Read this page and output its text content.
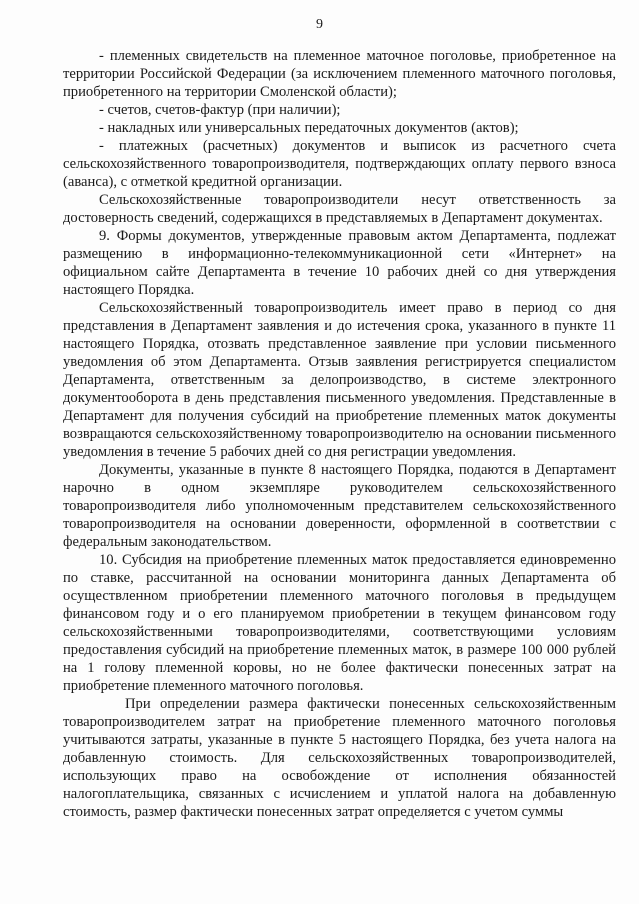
9

- племенных свидетельств на племенное маточное поголовье, приобретенное на территории Российской Федерации (за исключением племенного маточного поголовья, приобретенного на территории Смоленской области);

- счетов, счетов-фактур (при наличии);

- накладных или универсальных передаточных документов (актов);

- платежных (расчетных) документов и выписок из расчетного счета сельскохозяйственного товаропроизводителя, подтверждающих оплату первого взноса (аванса), с отметкой кредитной организации.

Сельскохозяйственные товаропроизводители несут ответственность за достоверность сведений, содержащихся в представляемых в Департамент документах.

9. Формы документов, утвержденные правовым актом Департамента, подлежат размещению в информационно-телекоммуникационной сети «Интернет» на официальном сайте Департамента в течение 10 рабочих дней со дня утверждения настоящего Порядка.

Сельскохозяйственный товаропроизводитель имеет право в период со дня представления в Департамент заявления и до истечения срока, указанного в пункте 11 настоящего Порядка, отозвать представленное заявление при условии письменного уведомления об этом Департамента. Отзыв заявления регистрируется специалистом Департамента, ответственным за делопроизводство, в системе электронного документооборота в день представления письменного уведомления. Представленные в Департамент для получения субсидий на приобретение племенных маток документы возвращаются сельскохозяйственному товаропроизводителю на основании письменного уведомления в течение 5 рабочих дней со дня регистрации уведомления.

Документы, указанные в пункте 8 настоящего Порядка, подаются в Департамент нарочно в одном экземпляре руководителем сельскохозяйственного товаропроизводителя либо уполномоченным представителем сельскохозяйственного товаропроизводителя на основании доверенности, оформленной в соответствии с федеральным законодательством.

10. Субсидия на приобретение племенных маток предоставляется единовременно по ставке, рассчитанной на основании мониторинга данных Департамента об осуществленном приобретении племенного маточного поголовья в предыдущем финансовом году и о его планируемом приобретении в текущем финансовом году сельскохозяйственными товаропроизводителями, соответствующими условиям предоставления субсидий на приобретение племенных маток, в размере 100 000 рублей на 1 голову племенной коровы, но не более фактически понесенных затрат на приобретение племенного маточного поголовья.

При определении размера фактически понесенных сельскохозяйственным товаропроизводителем затрат на приобретение племенного маточного поголовья учитываются затраты, указанные в пункте 5 настоящего Порядка, без учета налога на добавленную стоимость. Для сельскохозяйственных товаропроизводителей, использующих право на освобождение от исполнения обязанностей налогоплательщика, связанных с исчислением и уплатой налога на добавленную стоимость, размер фактически понесенных затрат определяется с учетом суммы
